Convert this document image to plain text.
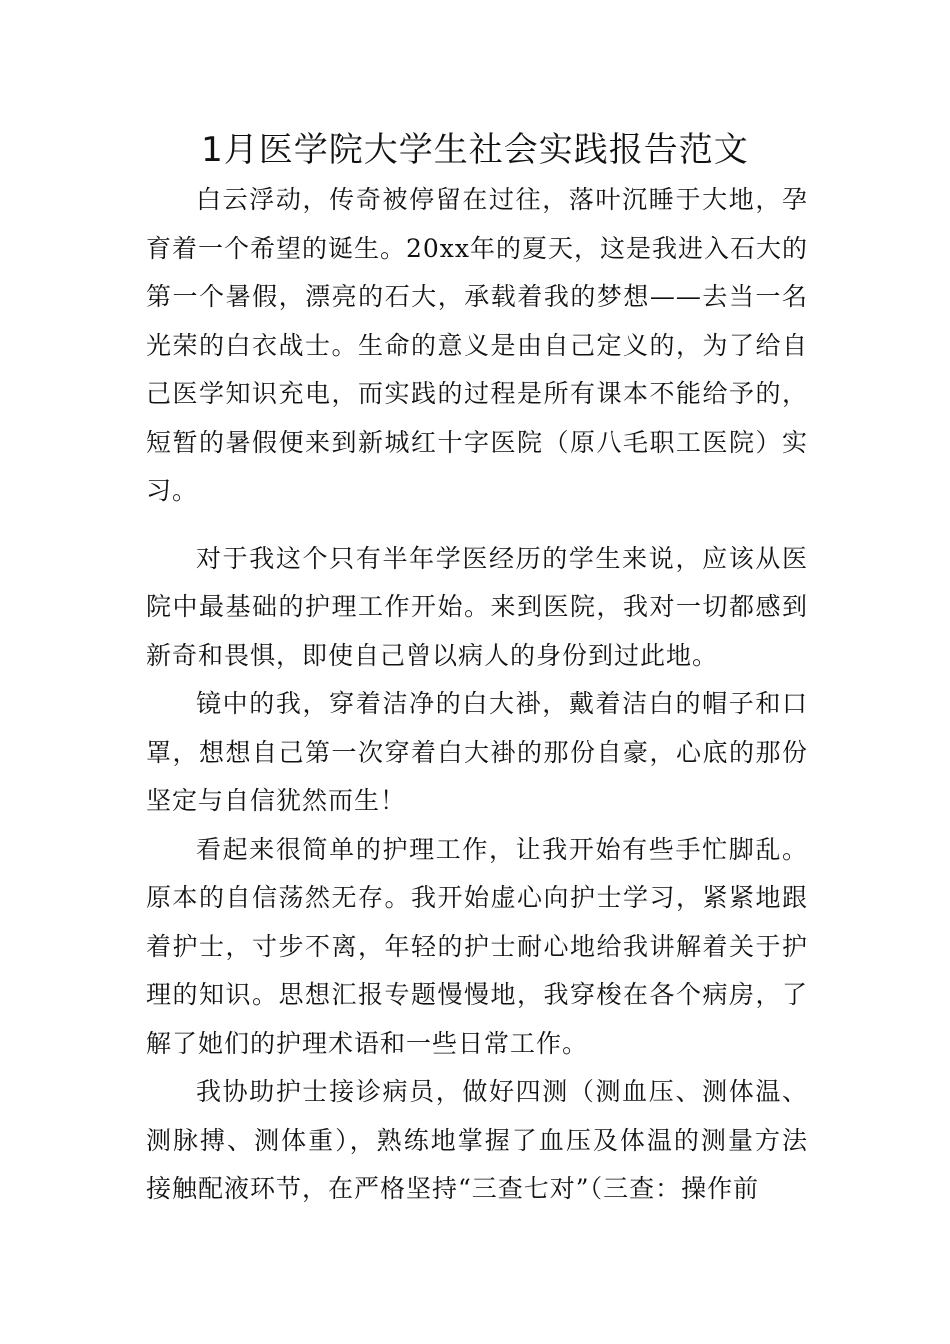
1月医学院大学生社会实践报告范文

白云浮动，传奇被停留在过往，落叶沉睡于大地，孕育着一个希望的诞生。20xx年的夏天，这是我进入石大的第一个暑假，漂亮的石大，承载着我的梦想——去当一名光荣的白衣战士。生命的意义是由自己定义的，为了给自己医学知识充电，而实践的过程是所有课本不能给予的，短暂的暑假便来到新城红十字医院（原八毛职工医院）实习。

对于我这个只有半年学医经历的学生来说，应该从医院中最基础的护理工作开始。来到医院，我对一切都感到新奇和畏惧，即使自己曾以病人的身份到过此地。

镜中的我，穿着洁净的白大褂，戴着洁白的帽子和口罩，想想自己第一次穿着白大褂的那份自豪，心底的那份坚定与自信犹然而生！

看起来很简单的护理工作，让我开始有些手忙脚乱。原本的自信荡然无存。我开始虚心向护士学习，紧紧地跟着护士，寸步不离，年轻的护士耐心地给我讲解着关于护理的知识。思想汇报专题慢慢地，我穿梭在各个病房，了解了她们的护理术语和一些日常工作。

我协助护士接诊病员，做好四测（测血压、测体温、测脉搏、测体重），熟练地掌握了血压及体温的测量方法接触配液环节，在严格坚持“三查七对”（三查：操作前
